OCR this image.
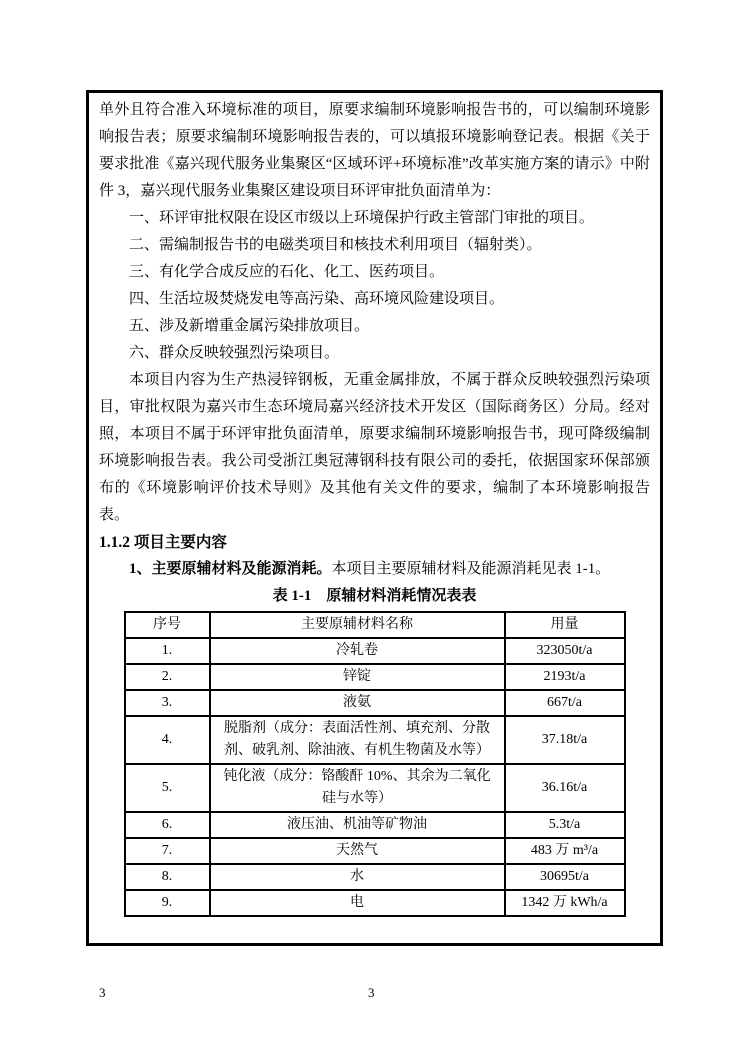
单外且符合准入环境标准的项目，原要求编制环境影响报告书的，可以编制环境影响报告表；原要求编制环境影响报告表的，可以填报环境影响登记表。根据《关于要求批准《嘉兴现代服务业集聚区“区域环评+环境标准”改革实施方案的请示》中附件 3，嘉兴现代服务业集聚区建设项目环评审批负面清单为：

一、环评审批权限在设区市级以上环境保护行政主管部门审批的项目。

二、需编制报告书的电磁类项目和核技术利用项目（辐射类）。

三、有化学合成反应的石化、化工、医药项目。

四、生活垃圾焚烧发电等高污染、高环境风险建设项目。

五、涉及新增重金属污染排放项目。

六、群众反映较强烈污染项目。

本项目内容为生产热浸锌钢板，无重金属排放，不属于群众反映较强烈污染项目，审批权限为嘉兴市生态环境局嘉兴经济技术开发区（国际商务区）分局。经对照，本项目不属于环评审批负面清单，原要求编制环境影响报告书，现可降级编制环境影响报告表。我公司受浙江奥冠薄钢科技有限公司的委托，依据国家环保部颁布的《环境影响评价技术导则》及其他有关文件的要求，编制了本环境影响报告表。

1.1.2 项目主要内容

1、主要原辅材料及能源消耗。本项目主要原辅材料及能源消耗见表 1-1。

表 1-1　原辅材料消耗情况表表

序号	主要原辅材料名称	用量
1.	冷轧卷	323050t/a
2.	锌锭	2193t/a
3.	液氨	667t/a
4.	脱脂剂（成分：表面活性剂、填充剂、分散剂、破乳剂、除油液、有机生物菌及水等）	37.18t/a
5.	钝化液（成分：铬酸酐 10%、其余为二氧化硅与水等）	36.16t/a
6.	液压油、机油等矿物油	5.3t/a
7.	天然气	483 万 m³/a
8.	水	30695t/a
9.	电	1342 万 kWh/a
3	3
